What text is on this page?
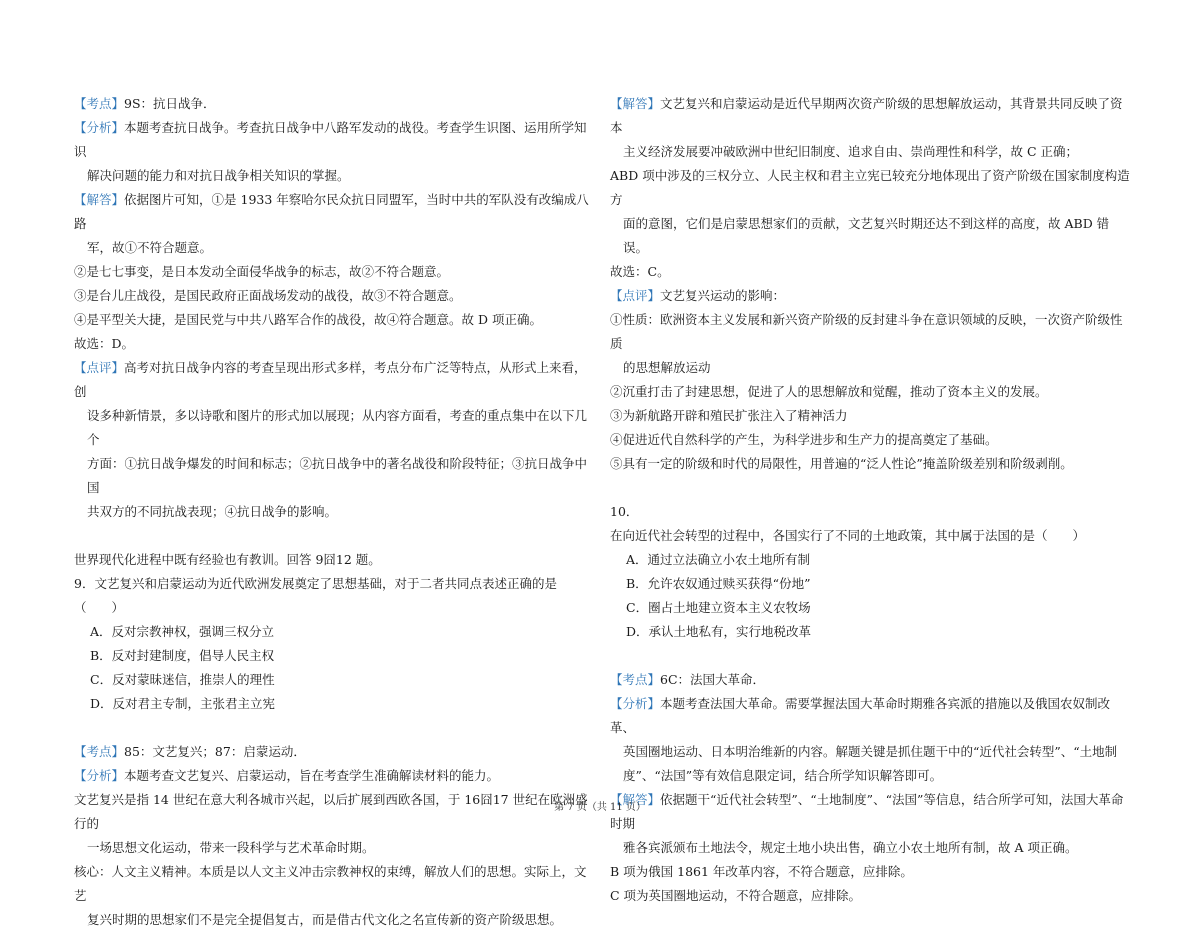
【考点】9S：抗日战争．
【分析】本题考查抗日战争。考查抗日战争中八路军发动的战役。考查学生识图、运用所学知识
解决问题的能力和对抗日战争相关知识的掌握。
【解答】依据图片可知，①是 1933 年察哈尔民众抗日同盟军，当时中共的军队没有改编成八路
军，故①不符合题意。
②是七七事变，是日本发动全面侵华战争的标志，故②不符合题意。
③是台儿庄战役，是国民政府正面战场发动的战役，故③不符合题意。
④是平型关大捷，是国民党与中共八路军合作的战役，故④符合题意。故 D 项正确。
故选：D。
【点评】高考对抗日战争内容的考查呈现出形式多样，考点分布广泛等特点，从形式上来看，创
设多种新情景，多以诗歌和图片的形式加以展现；从内容方面看，考查的重点集中在以下几个
方面：①抗日战争爆发的时间和标志；②抗日战争中的著名战役和阶段特征；③抗日战争中国
共双方的不同抗战表现；④抗日战争的影响。
世界现代化进程中既有经验也有教训。回答 9囧12 题。
9．文艺复兴和启蒙运动为近代欧洲发展奠定了思想基础，对于二者共同点表述正确的是（　　）
A．反对宗教神权，强调三权分立
B．反对封建制度，倡导人民主权
C．反对蒙昧迷信，推崇人的理性
D．反对君主专制，主张君主立宪
【考点】85：文艺复兴；87：启蒙运动．
【分析】本题考查文艺复兴、启蒙运动，旨在考查学生准确解读材料的能力。
文艺复兴是指 14 世纪在意大利各城市兴起，以后扩展到西欧各国，于 16囧17 世纪在欧洲盛行的
一场思想文化运动，带来一段科学与艺术革命时期。
核心：人文主义精神。本质是以人文主义冲击宗教神权的束缚，解放人们的思想。实际上，文艺
复兴时期的思想家们不是完全提倡复古，而是借古代文化之名宣传新的资产阶级思想。
【解答】文艺复兴和启蒙运动是近代早期两次资产阶级的思想解放运动，其背景共同反映了资本
主义经济发展要冲破欧洲中世纪旧制度、追求自由、崇尚理性和科学，故 C 正确；
ABD 项中涉及的三权分立、人民主权和君主立宪已较充分地体现出了资产阶级在国家制度构造方
面的意图，它们是启蒙思想家们的贡献，文艺复兴时期还达不到这样的高度，故 ABD 错误。
故选：C。
【点评】文艺复兴运动的影响：
①性质：欧洲资本主义发展和新兴资产阶级的反封建斗争在意识领域的反映，一次资产阶级性质
的思想解放运动
②沉重打击了封建思想，促进了人的思想解放和觉醒，推动了资本主义的发展。
③为新航路开辟和殖民扩张注入了精神活力
④促进近代自然科学的产生，为科学进步和生产力的提高奠定了基础。
⑤具有一定的阶级和时代的局限性，用普遍的“泛人性论”掩盖阶级差别和阶级剥削。
10．
在向近代社会转型的过程中，各国实行了不同的土地政策，其中属于法国的是（　　）
A．通过立法确立小农土地所有制
B．允许农奴通过赎买获得“份地”
C．圈占土地建立资本主义农牧场
D．承认土地私有，实行地税改革
【考点】6C：法国大革命．
【分析】本题考查法国大革命。需要掌握法国大革命时期雅各宾派的措施以及俄国农奴制改革、
英国圈地运动、日本明治维新的内容。解题关键是抓住题干中的“近代社会转型”、“土地制
度”、“法国”等有效信息限定词，结合所学知识解答即可。
【解答】依据题干“近代社会转型”、“土地制度”、“法国”等信息，结合所学可知，法国大革命时期
雅各宾派颁布土地法令，规定土地小块出售，确立小农土地所有制，故 A 项正确。
B 项为俄国 1861 年改革内容，不符合题意，应排除。
C 项为英国圈地运动，不符合题意，应排除。
第 7 页（共 11 页）
